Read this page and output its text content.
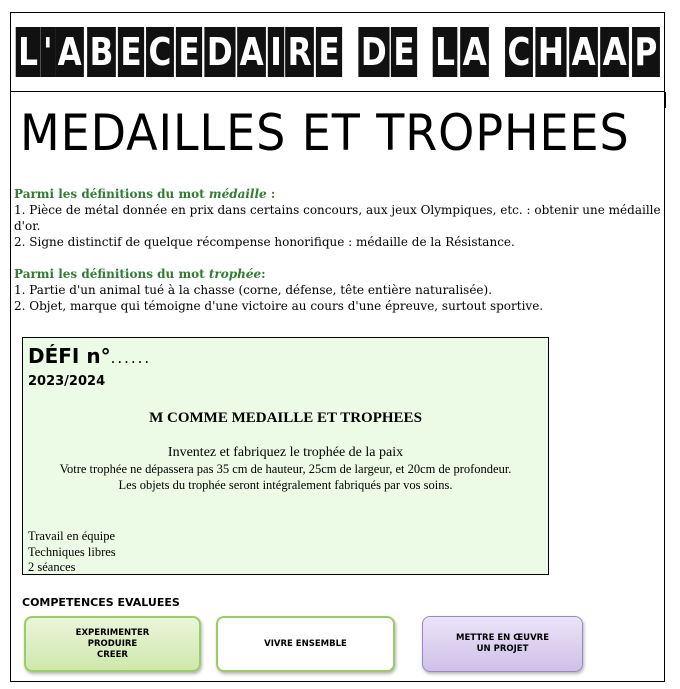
L ' A B E C E D A I R E D E L A C H A A P
MEDAILLES ET TROPHEES
Parmi les définitions du mot médaille :
1. Pièce de métal donnée en prix dans certains concours, aux jeux Olympiques, etc. : obtenir une médaille d'or.
2. Signe distinctif de quelque récompense honorifique : médaille de la Résistance.
Parmi les définitions du mot trophée:
1. Partie d'un animal tué à la chasse (corne, défense, tête entière naturalisée).
2. Objet, marque qui témoigne d'une victoire au cours d'une épreuve, surtout sportive.
DÉFI n°......
2023/2024
M COMME MEDAILLE ET TROPHEES
Inventez et fabriquez le trophée de la paix
Votre trophée ne dépassera pas 35 cm de hauteur, 25cm de largeur, et 20cm de profondeur.
Les objets du trophée seront intégralement fabriqués par vos soins.
Travail en équipe
Techniques libres
2 séances
COMPETENCES EVALUEES
EXPERIMENTER
PRODUIRE
CREER
VIVRE ENSEMBLE
METTRE EN ŒUVRE
UN PROJET
